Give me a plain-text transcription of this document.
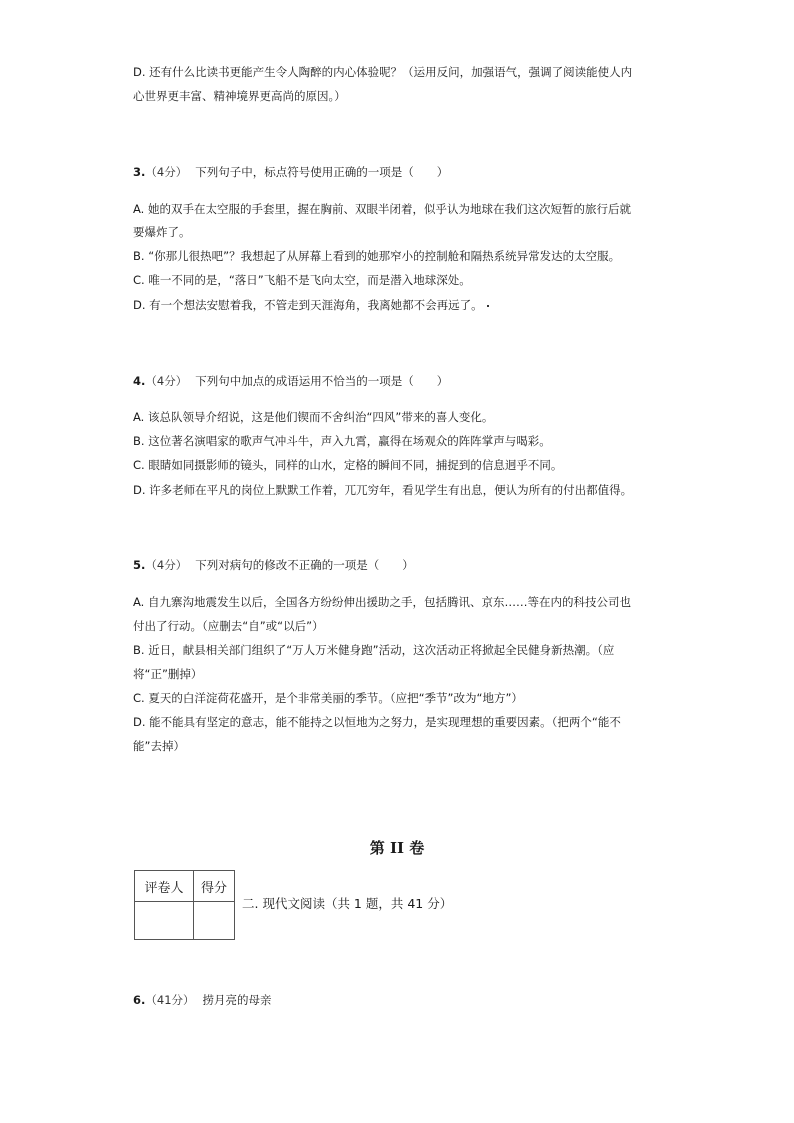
D. 还有什么比读书更能产生令人陶醉的内心体验呢？（运用反问，加强语气，强调了阅读能使人内
心世界更丰富、精神境界更高尚的原因。）
3.（4分） 下列句子中，标点符号使用正确的一项是（　　）
A. 她的双手在太空服的手套里，握在胸前、双眼半闭着，似乎认为地球在我们这次短暂的旅行后就
要爆炸了。
B. “你那儿很热吧”？我想起了从屏幕上看到的她那窄小的控制舱和隔热系统异常发达的太空服。
C. 唯一不同的是，“落日”飞船不是飞向太空，而是潜入地球深处。
D. 有一个想法安慰着我，不管走到天涯海角，我离她都不会再远了。
4.（4分） 下列句中加点的成语运用不恰当的一项是（　　）
A. 该总队领导介绍说，这是他们锲而不舍纠治“四风”带来的喜人变化。
B. 这位著名演唱家的歌声气冲斗牛，声入九霄，赢得在场观众的阵阵掌声与喝彩。
C. 眼睛如同摄影师的镜头，同样的山水，定格的瞬间不同，捕捉到的信息迥乎不同。
D. 许多老师在平凡的岗位上默默工作着，兀兀穷年，看见学生有出息，便认为所有的付出都值得。
5.（4分） 下列对病句的修改不正确的一项是（　　）
A. 自九寨沟地震发生以后，全国各方纷纷伸出援助之手，包括腾讯、京东……等在内的科技公司也
付出了行动。（应删去“自”或“以后”）
B. 近日，献县相关部门组织了“万人万米健身跑”活动，这次活动正将掀起全民健身新热潮。（应
将“正”删掉）
C. 夏天的白洋淀荷花盛开，是个非常美丽的季节。（应把“季节”改为“地方”）
D. 能不能具有坚定的意志，能不能持之以恒地为之努力，是实现理想的重要因素。（把两个“能不
能”去掉）
第 II 卷
评卷人	得分

二. 现代文阅读（共 1 题，共 41 分）
6.（41分） 捞月亮的母亲
